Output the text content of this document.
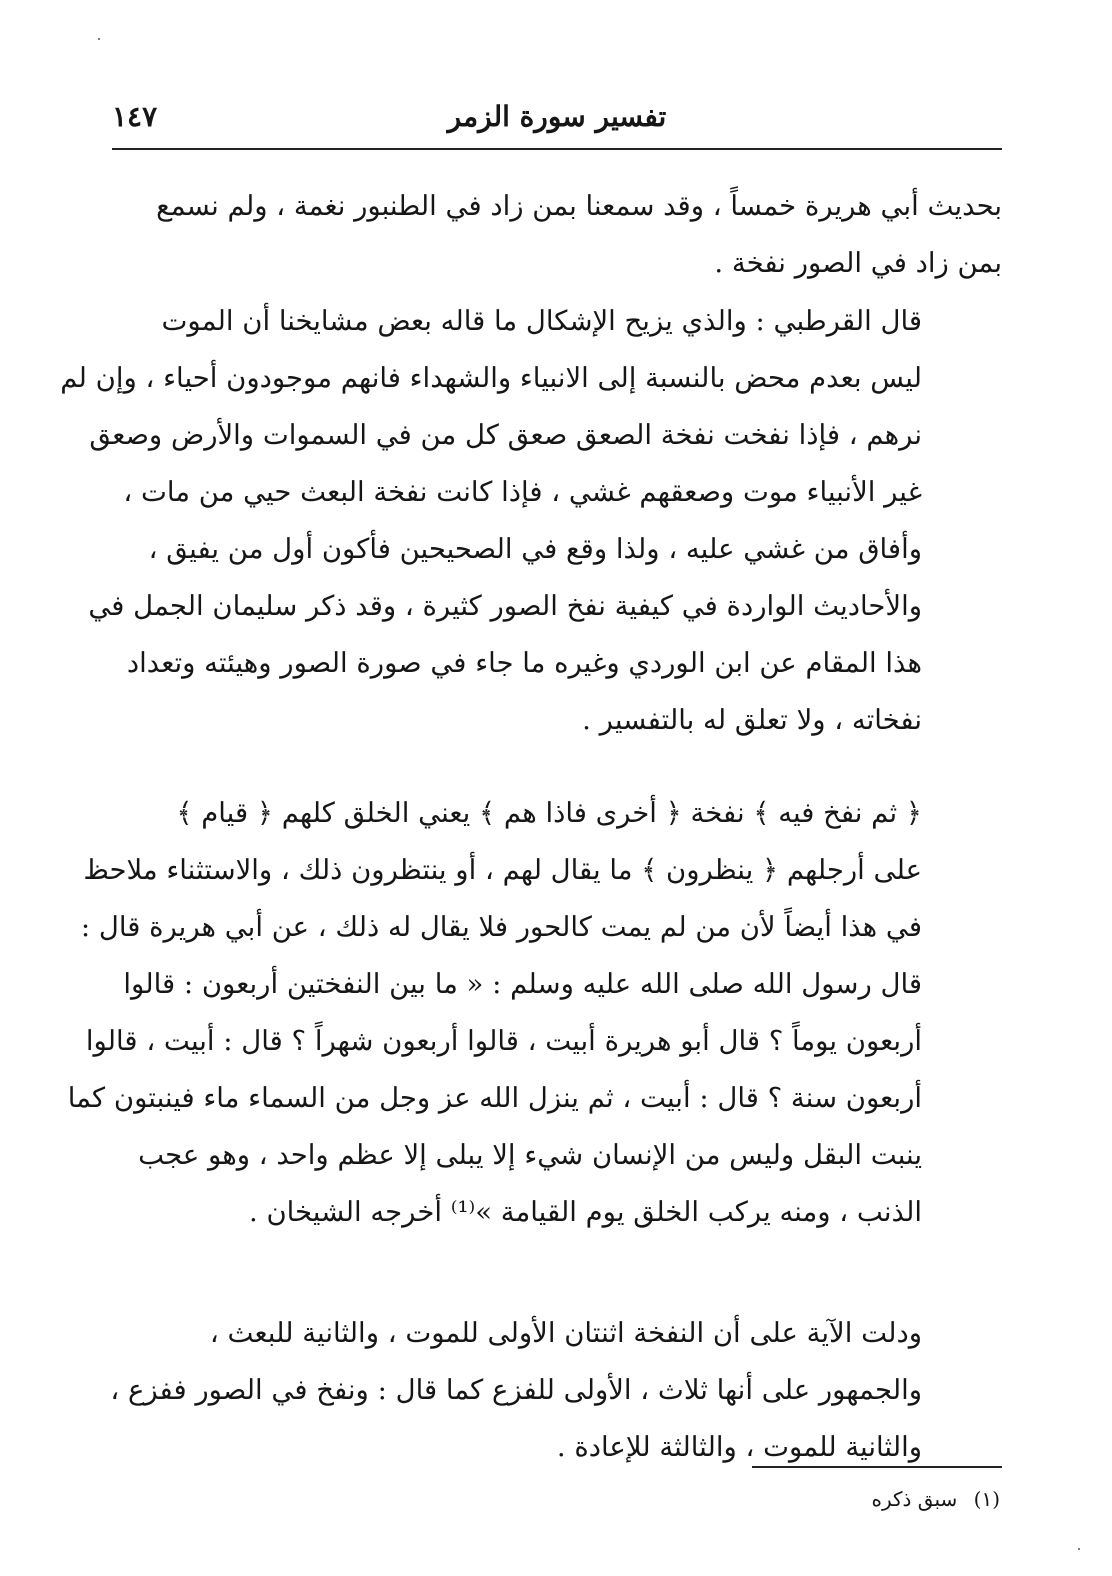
تفسير سورة الزمر
١٤٧

بحديث أبي هريرة خمساً ، وقد سمعنا بمن زاد في الطنبور نغمة ، ولم نسمع
بمن زاد في الصور نفخة .

قال القرطبي : والذي يزيح الإشكال ما قاله بعض مشايخنا أن الموت
ليس بعدم محض بالنسبة إلى الانبياء والشهداء فانهم موجودون أحياء ، وإن لم
نرهم ، فإذا نفخت نفخة الصعق صعق كل من في السموات والأرض وصعق
غير الأنبياء موت وصعقهم غشي ، فإذا كانت نفخة البعث حيي من مات ،
وأفاق من غشي عليه ، ولذا وقع في الصحيحين فأكون أول من يفيق ،
والأحاديث الواردة في كيفية نفخ الصور كثيرة ، وقد ذكر سليمان الجمل في
هذا المقام عن ابن الوردي وغيره ما جاء في صورة الصور وهيئته وتعداد
نفخاته ، ولا تعلق له بالتفسير .

﴿ ثم نفخ فيه ﴾ نفخة ﴿ أخرى فاذا هم ﴾ يعني الخلق كلهم ﴿ قيام ﴾
على أرجلهم ﴿ ينظرون ﴾ ما يقال لهم ، أو ينتظرون ذلك ، والاستثناء ملاحظ
في هذا أيضاً لأن من لم يمت كالحور فلا يقال له ذلك ، عن أبي هريرة قال :
قال رسول الله صلى الله عليه وسلم : « ما بين النفختين أربعون : قالوا
أربعون يوماً ؟ قال أبو هريرة أبيت ، قالوا أربعون شهراً ؟ قال : أبيت ، قالوا
أربعون سنة ؟ قال : أبيت ، ثم ينزل الله عز وجل من السماء ماء فينبتون كما
ينبت البقل وليس من الإنسان شيء إلا يبلى إلا عظم واحد ، وهو عجب
الذنب ، ومنه يركب الخلق يوم القيامة »⁽¹⁾ أخرجه الشيخان .

ودلت الآية على أن النفخة اثنتان الأولى للموت ، والثانية للبعث ،
والجمهور على أنها ثلاث ، الأولى للفزع كما قال : ونفخ في الصور ففزع ،
والثانية للموت ، والثالثة للإعادة .

(١) سبق ذكره
